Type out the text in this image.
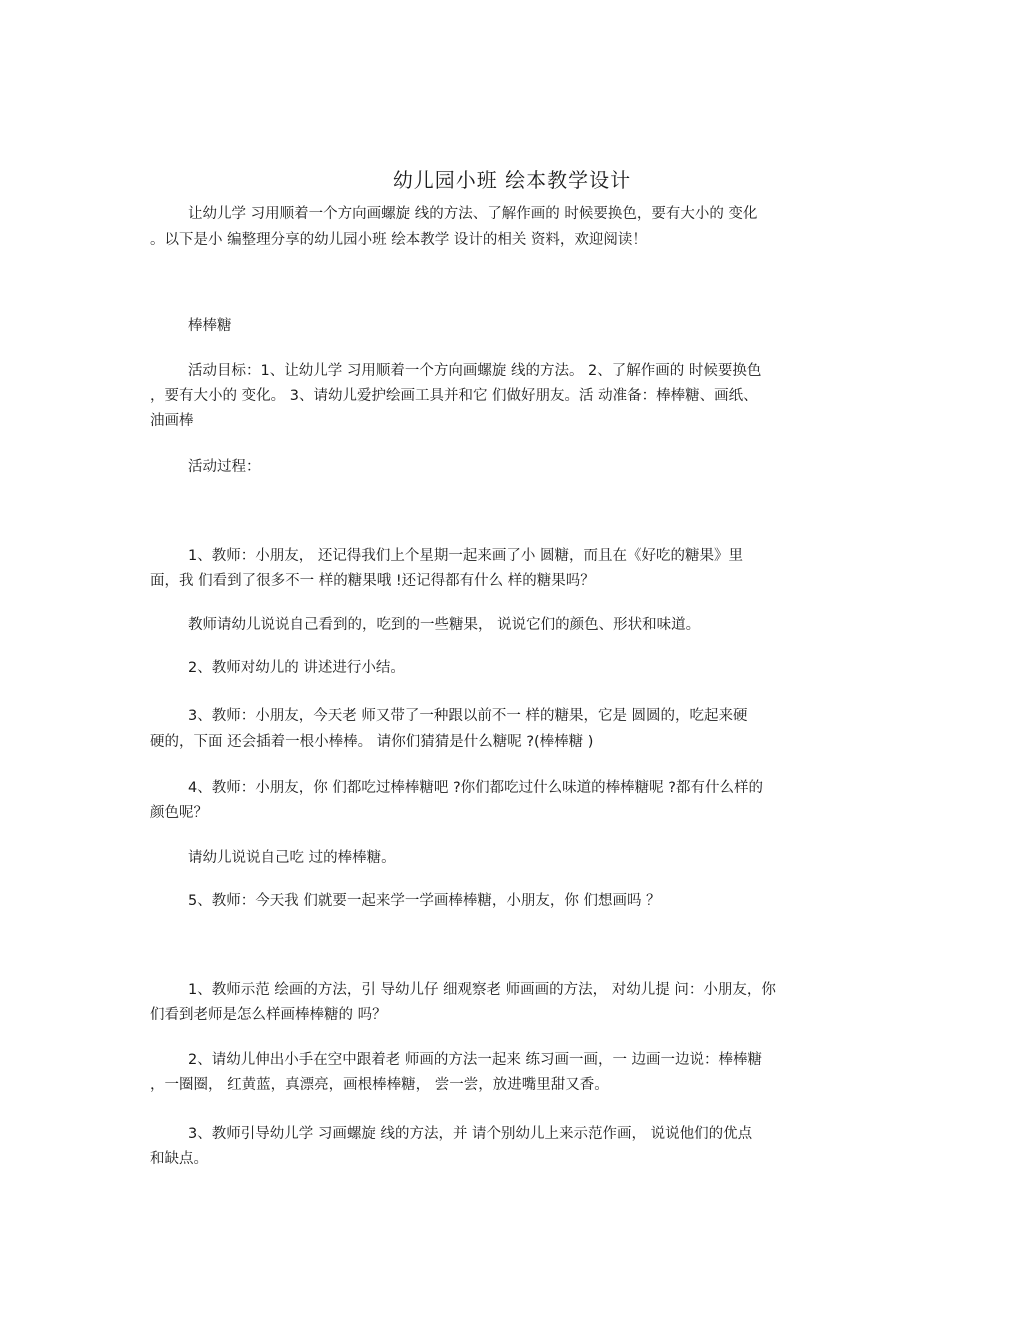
幼儿园小班 绘本教学设计
让幼儿学 习用顺着一个方向画螺旋 线的方法、了解作画的 时候要换色，要有大小的 变化
。以下是小 编整理分享的幼儿园小班 绘本教学 设计的相关 资料，欢迎阅读！
棒棒糖
活动目标：1、让幼儿学 习用顺着一个方向画螺旋 线的方法。 2、了解作画的 时候要换色
，要有大小的 变化。 3、请幼儿爱护绘画工具并和它 们做好朋友。活 动准备：棒棒糖、画纸、
油画棒
活动过程：
1、教师：小朋友， 还记得我们上个星期一起来画了小 圆糖，而且在《好吃的糖果》里
面，我 们看到了很多不一 样的糖果哦 !还记得都有什么 样的糖果吗？
教师请幼儿说说自己看到的，吃到的一些糖果， 说说它们的颜色、形状和味道。
2、教师对幼儿的 讲述进行小结。
3、教师：小朋友，今天老 师又带了一种跟以前不一 样的糖果，它是 圆圆的，吃起来硬
硬的，下面 还会插着一根小棒棒。 请你们猜猜是什么糖呢 ?(棒棒糖 )
4、教师：小朋友，你 们都吃过棒棒糖吧 ?你们都吃过什么味道的棒棒糖呢 ?都有什么样的
颜色呢？
请幼儿说说自己吃 过的棒棒糖。
5、教师：今天我 们就要一起来学一学画棒棒糖，小朋友，你 们想画吗 ？
1、教师示范 绘画的方法，引 导幼儿仔 细观察老 师画画的方法， 对幼儿提 问：小朋友，你
们看到老师是怎么样画棒棒糖的 吗？
2、请幼儿伸出小手在空中跟着老 师画的方法一起来 练习画一画，一 边画一边说：棒棒糖
，一圈圈， 红黄蓝，真漂亮，画根棒棒糖， 尝一尝，放进嘴里甜又香。
3、教师引导幼儿学 习画螺旋 线的方法，并 请个别幼儿上来示范作画， 说说他们的优点
和缺点。
